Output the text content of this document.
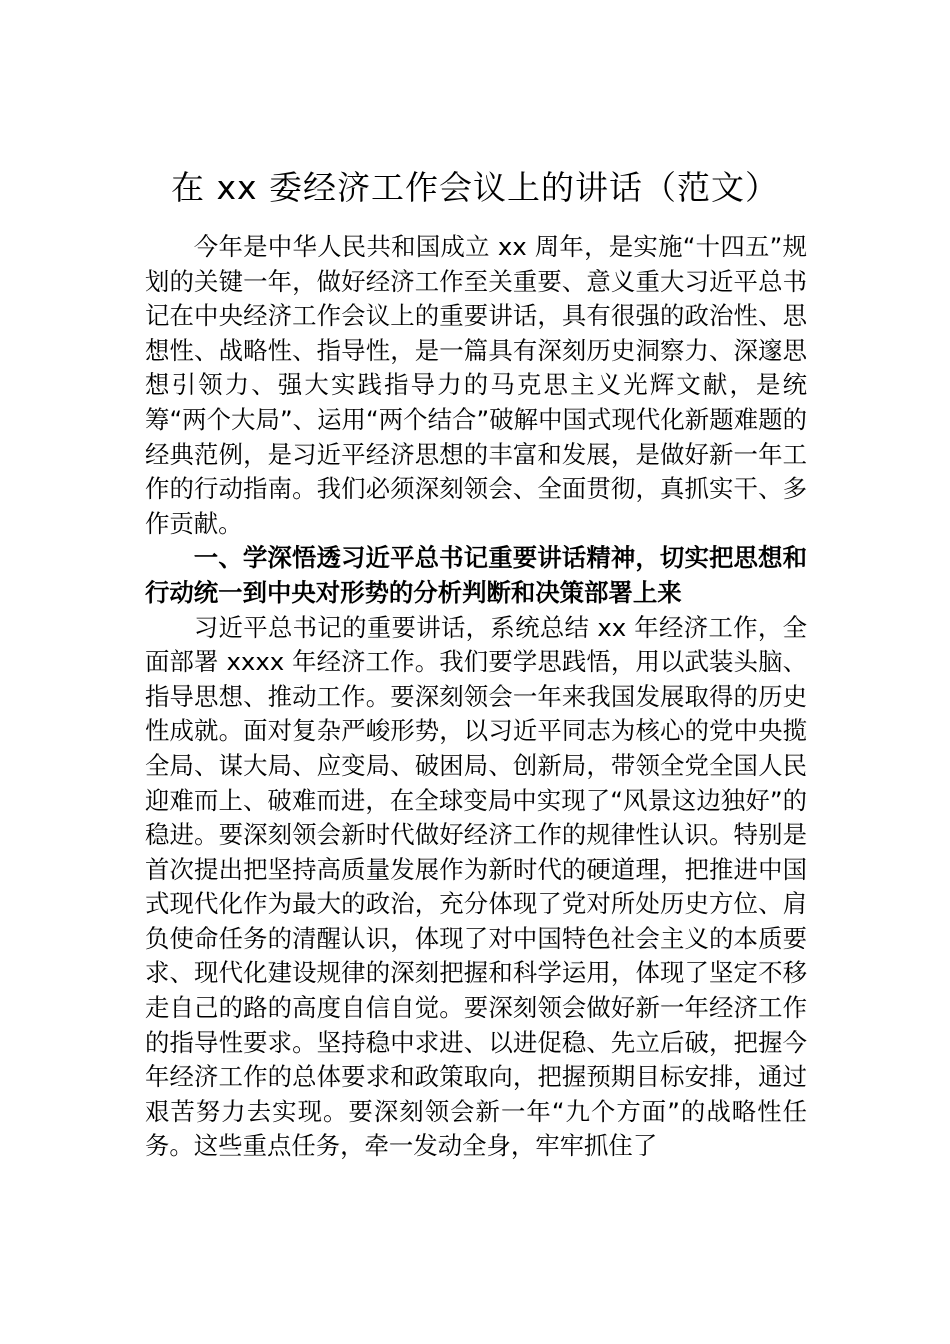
在 xx 委经济工作会议上的讲话（范文）

今年是中华人民共和国成立 xx 周年，是实施“十四五”规划的关键一年，做好经济工作至关重要、意义重大习近平总书记在中央经济工作会议上的重要讲话，具有很强的政治性、思想性、战略性、指导性，是一篇具有深刻历史洞察力、深邃思想引领力、强大实践指导力的马克思主义光辉文献，是统筹“两个大局”、运用“两个结合”破解中国式现代化新题难题的经典范例，是习近平经济思想的丰富和发展，是做好新一年工作的行动指南。我们必须深刻领会、全面贯彻，真抓实干、多作贡献。

一、学深悟透习近平总书记重要讲话精神，切实把思想和行动统一到中央对形势的分析判断和决策部署上来

习近平总书记的重要讲话，系统总结 xx 年经济工作，全面部署 xxxx 年经济工作。我们要学思践悟，用以武装头脑、指导思想、推动工作。要深刻领会一年来我国发展取得的历史性成就。面对复杂严峻形势，以习近平同志为核心的党中央揽全局、谋大局、应变局、破困局、创新局，带领全党全国人民迎难而上、破难而进，在全球变局中实现了“风景这边独好”的稳进。要深刻领会新时代做好经济工作的规律性认识。特别是首次提出把坚持高质量发展作为新时代的硬道理，把推进中国式现代化作为最大的政治，充分体现了党对所处历史方位、肩负使命任务的清醒认识，体现了对中国特色社会主义的本质要求、现代化建设规律的深刻把握和科学运用，体现了坚定不移走自己的路的高度自信自觉。要深刻领会做好新一年经济工作的指导性要求。坚持稳中求进、以进促稳、先立后破，把握今年经济工作的总体要求和政策取向，把握预期目标安排，通过艰苦努力去实现。要深刻领会新一年“九个方面”的战略性任务。这些重点任务，牵一发动全身，牢牢抓住了
